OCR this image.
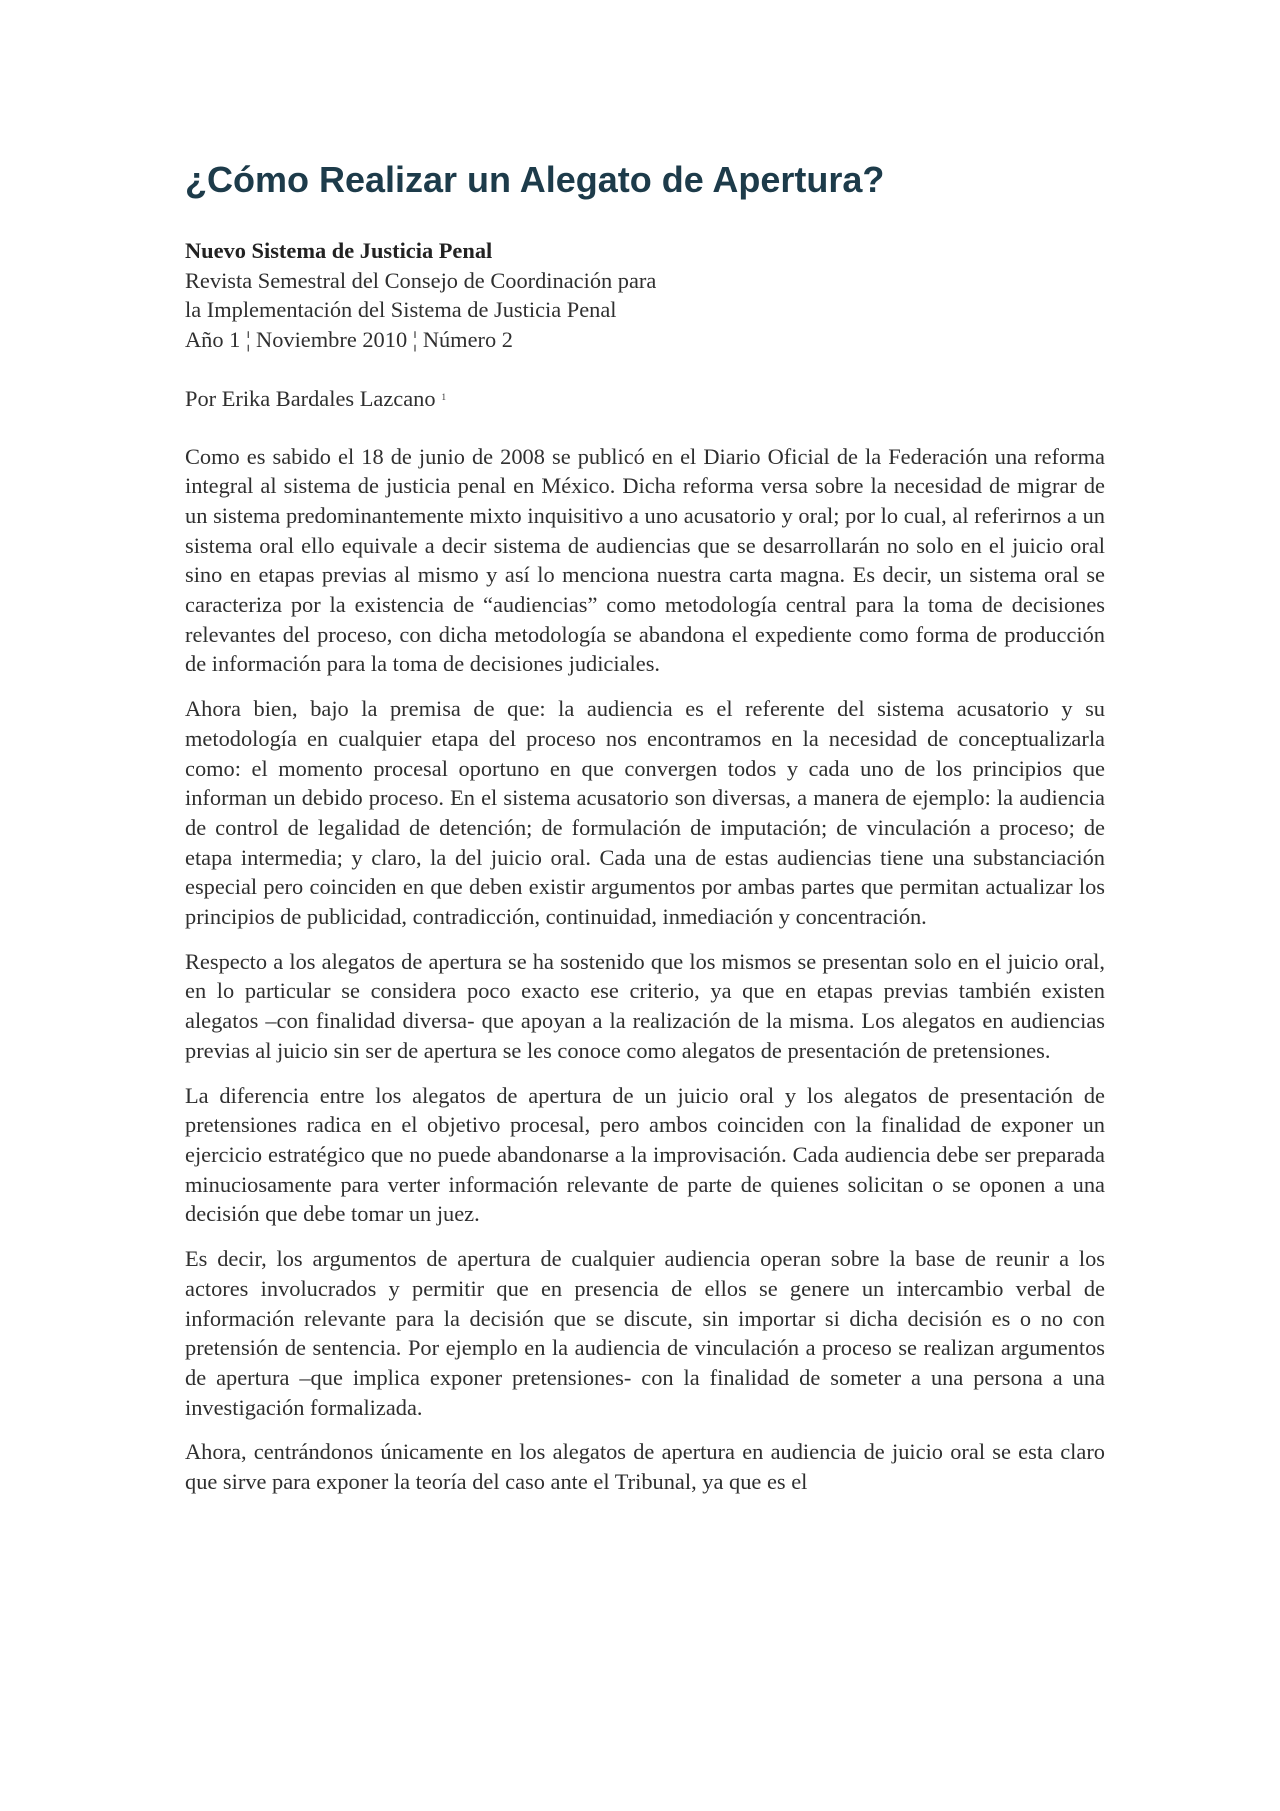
¿Cómo Realizar un Alegato de Apertura?

Nuevo Sistema de Justicia Penal

Revista Semestral del Consejo de Coordinación para

la Implementación del Sistema de Justicia Penal

Año 1 ¦ Noviembre 2010 ¦ Número 2

Por Erika Bardales Lazcano $^1$

Como es sabido el 18 de junio de 2008 se publicó en el Diario Oficial de la Federación una reforma integral al sistema de justicia penal en México. Dicha reforma versa sobre la necesidad de migrar de un sistema predominantemente mixto inquisitivo a uno acusatorio y oral; por lo cual, al referirnos a un sistema oral ello equivale a decir sistema de audiencias que se desarrollarán no solo en el juicio oral sino en etapas previas al mismo y así lo menciona nuestra carta magna. Es decir, un sistema oral se caracteriza por la existencia de “audiencias” como metodología central para la toma de decisiones relevantes del proceso, con dicha metodología se abandona el expediente como forma de producción de información para la toma de decisiones judiciales.

Ahora bien, bajo la premisa de que: la audiencia es el referente del sistema acusatorio y su metodología en cualquier etapa del proceso nos encontramos en la necesidad de conceptualizarla como: el momento procesal oportuno en que convergen todos y cada uno de los principios que informan un debido proceso. En el sistema acusatorio son diversas, a manera de ejemplo: la audiencia de control de legalidad de detención; de formulación de imputación; de vinculación a proceso; de etapa intermedia; y claro, la del juicio oral. Cada una de estas audiencias tiene una substanciación especial pero coinciden en que deben existir argumentos por ambas partes que permitan actualizar los principios de publicidad, contradicción, continuidad, inmediación y concentración.

Respecto a los alegatos de apertura se ha sostenido que los mismos se presentan solo en el juicio oral, en lo particular se considera poco exacto ese criterio, ya que en etapas previas también existen alegatos –con finalidad diversa- que apoyan a la realización de la misma. Los alegatos en audiencias previas al juicio sin ser de apertura se les conoce como alegatos de presentación de pretensiones.

La diferencia entre los alegatos de apertura de un juicio oral y los alegatos de presentación de pretensiones radica en el objetivo procesal, pero ambos coinciden con la finalidad de exponer un ejercicio estratégico que no puede abandonarse a la improvisación. Cada audiencia debe ser preparada minuciosamente para verter información relevante de parte de quienes solicitan o se oponen a una decisión que debe tomar un juez.

Es decir, los argumentos de apertura de cualquier audiencia operan sobre la base de reunir a los actores involucrados y permitir que en presencia de ellos se genere un intercambio verbal de información relevante para la decisión que se discute, sin importar si dicha decisión es o no con pretensión de sentencia. Por ejemplo en la audiencia de vinculación a proceso se realizan argumentos de apertura –que implica exponer pretensiones- con la finalidad de someter a una persona a una investigación formalizada.

Ahora, centrándonos únicamente en los alegatos de apertura en audiencia de juicio oral se esta claro que sirve para exponer la teoría del caso ante el Tribunal, ya que es el
